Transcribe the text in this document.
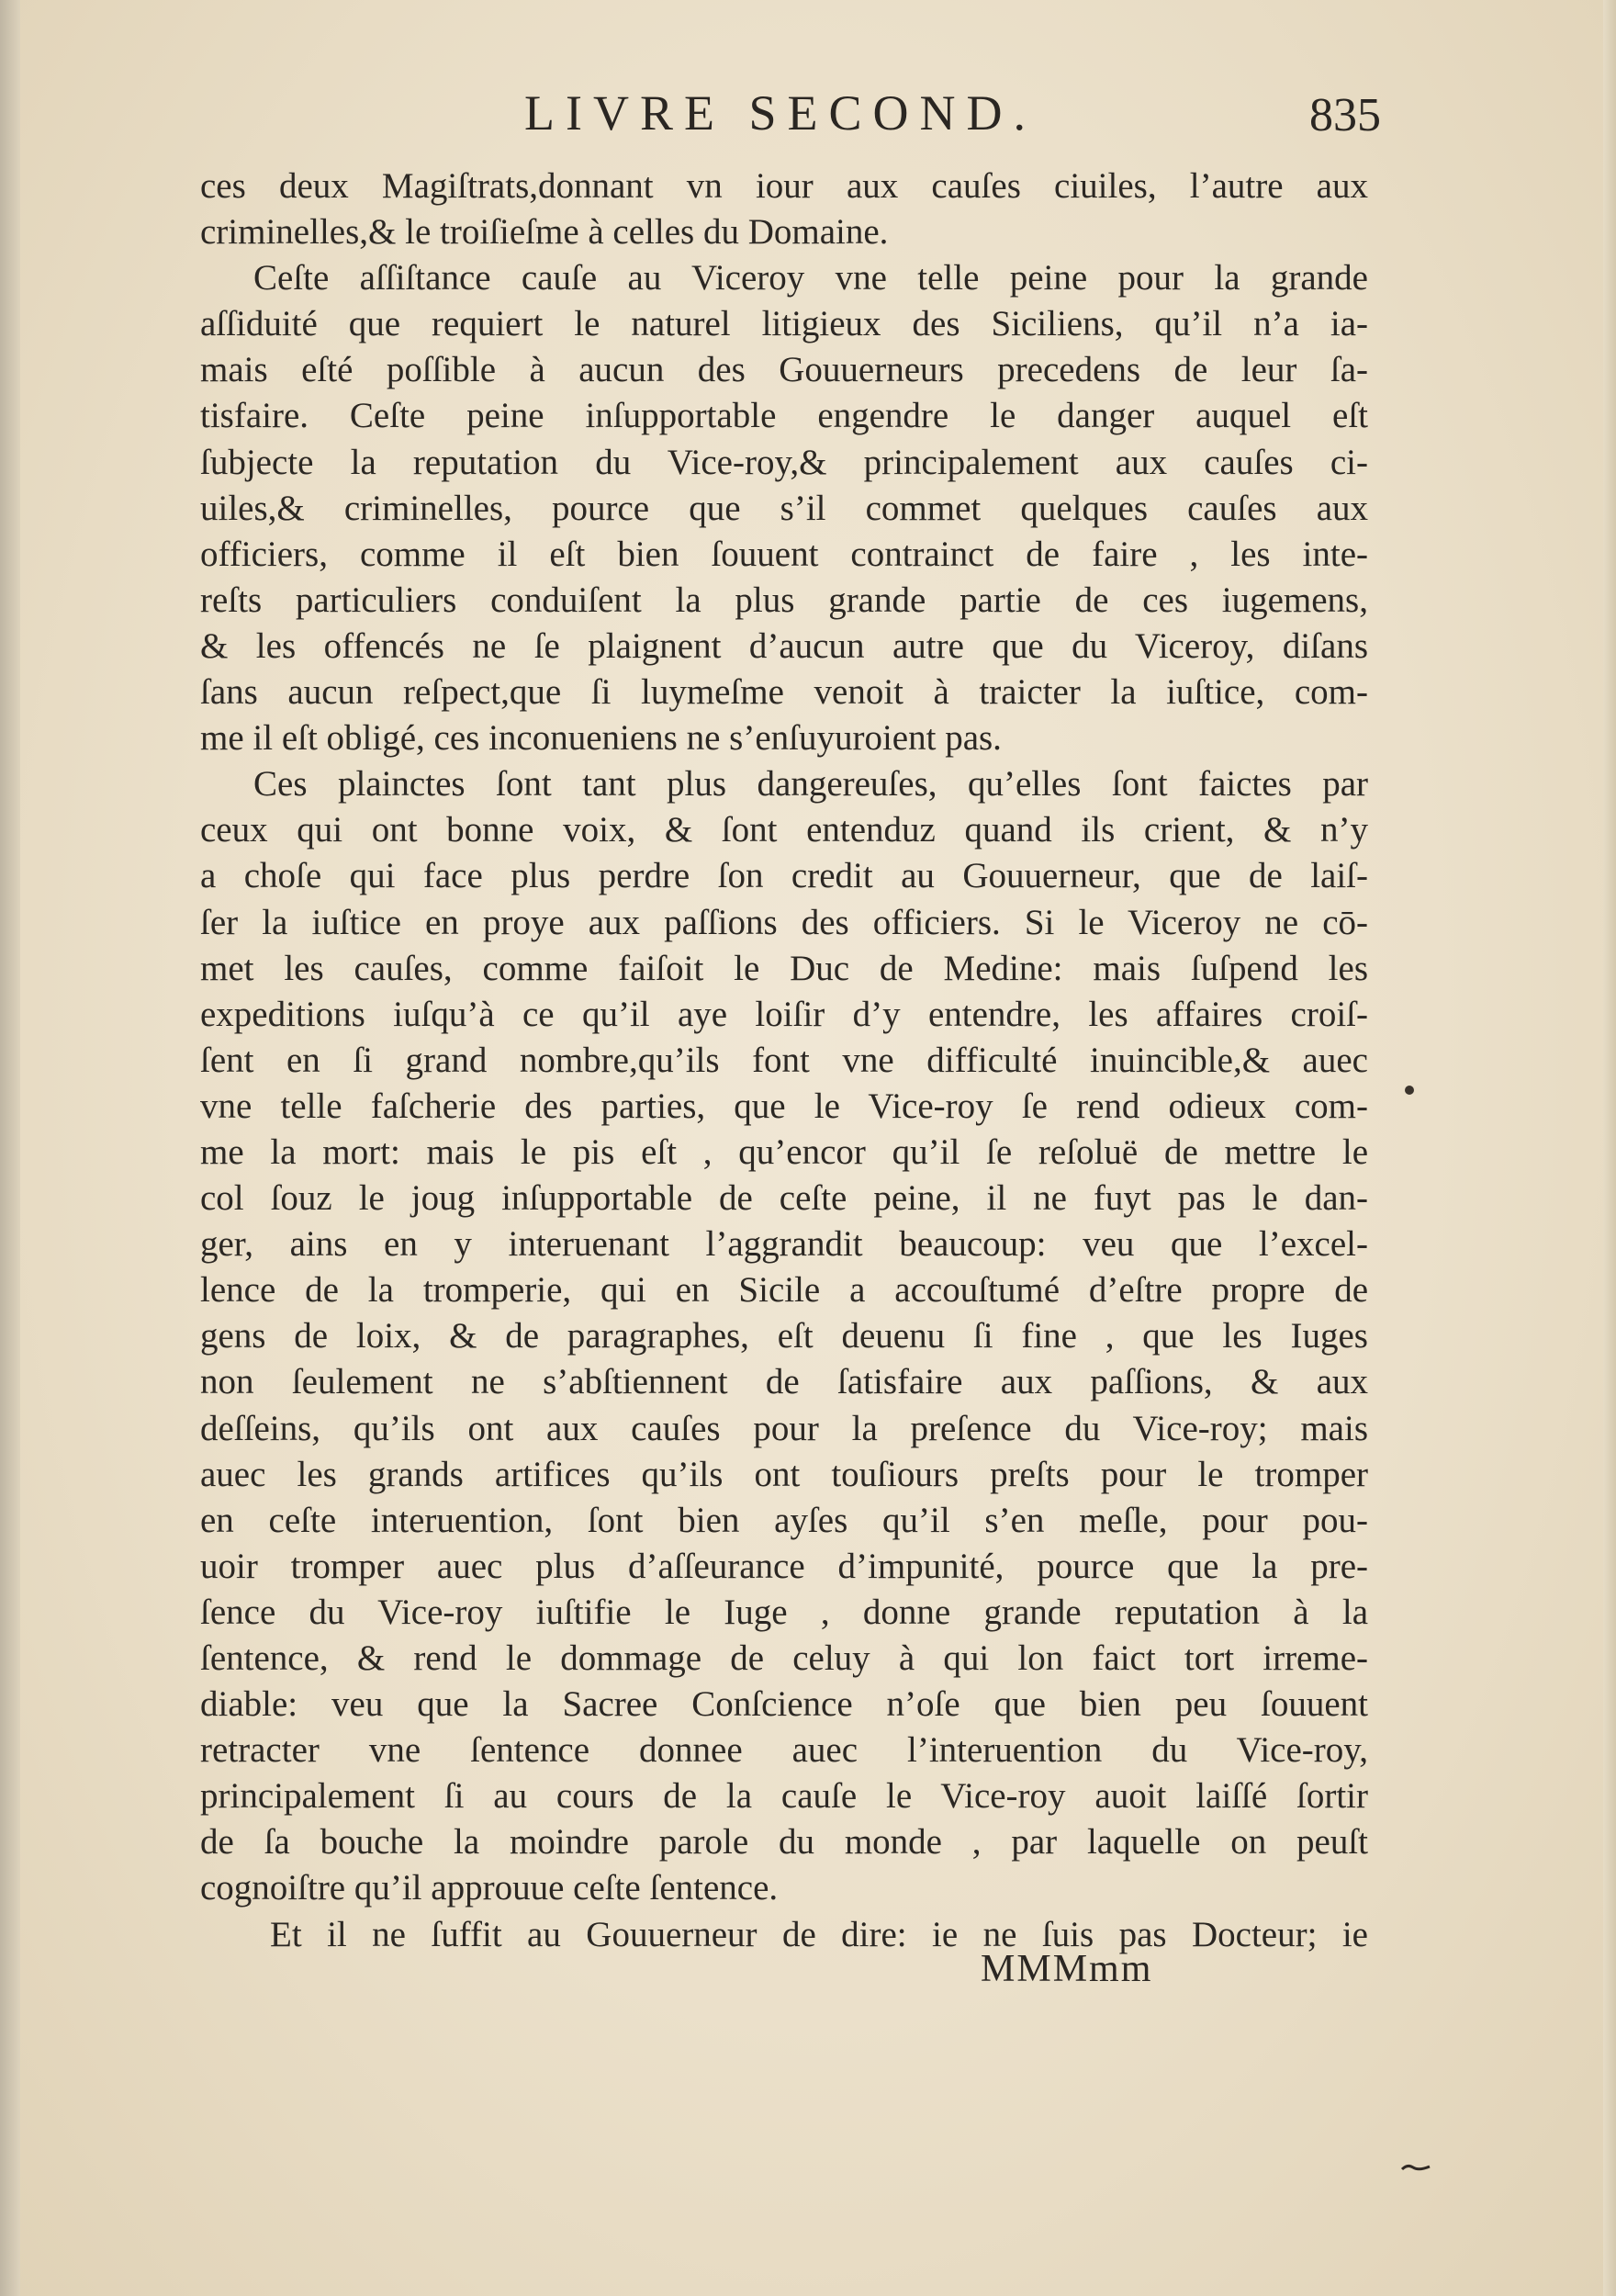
LIVRE SECOND.	835
ces deux Magiſtrats,donnant vn iour aux cauſes ciuiles, l’autre aux
criminelles,& le troiſieſme à celles du Domaine.
Ceſte aſſiſtance cauſe au Viceroy vne telle peine pour la grande
aſſiduité que requiert le naturel litigieux des Siciliens, qu’il n’a ia-
mais eſté poſſible à aucun des Gouuerneurs precedens de leur ſa-
tisfaire. Ceſte peine inſupportable engendre le danger auquel eſt
ſubjecte la reputation du Vice-roy,& principalement aux cauſes ci-
uiles,& criminelles, pource que s’il commet quelques cauſes aux
officiers, comme il eſt bien ſouuent contrainct de faire , les inte-
reſts particuliers conduiſent la plus grande partie de ces iugemens,
& les offencés ne ſe plaignent d’aucun autre que du Viceroy, diſans
ſans aucun reſpect,que ſi luymeſme venoit à traicter la iuſtice, com-
me il eſt obligé, ces inconueniens ne s’enſuyuroient pas.
Ces plainctes ſont tant plus dangereuſes, qu’elles ſont faictes par
ceux qui ont bonne voix, & ſont entenduz quand ils crient, & n’y
a choſe qui face plus perdre ſon credit au Gouuerneur, que de laiſ-
ſer la iuſtice en proye aux paſſions des officiers. Si le Viceroy ne cō-
met les cauſes, comme faiſoit le Duc de Medine: mais ſuſpend les
expeditions iuſqu’à ce qu’il aye loiſir d’y entendre, les affaires croiſ-
ſent en ſi grand nombre,qu’ils font vne difficulté inuincible,& auec
vne telle faſcherie des parties, que le Vice-roy ſe rend odieux com-
me la mort: mais le pis eſt , qu’encor qu’il ſe reſoluë de mettre le
col ſouz le joug inſupportable de ceſte peine, il ne fuyt pas le dan-
ger, ains en y interuenant l’aggrandit beaucoup: veu que l’excel-
lence de la tromperie, qui en Sicile a accouſtumé d’eſtre propre de
gens de loix, & de paragraphes, eſt deuenu ſi fine , que les Iuges
non ſeulement ne s’abſtiennent de ſatisfaire aux paſſions, & aux
deſſeins, qu’ils ont aux cauſes pour la preſence du Vice-roy; mais
auec les grands artifices qu’ils ont touſiours preſts pour le tromper
en ceſte interuention, ſont bien ayſes qu’il s’en meſle, pour pou-
uoir tromper auec plus d’aſſeurance d’impunité, pource que la pre-
ſence du Vice-roy iuſtifie le Iuge , donne grande reputation à la
ſentence, & rend le dommage de celuy à qui lon faict tort irreme-
diable: veu que la Sacree Conſcience n’oſe que bien peu ſouuent
retracter vne ſentence donnee auec l’interuention du Vice-roy,
principalement ſi au cours de la cauſe le Vice-roy auoit laiſſé ſortir
de ſa bouche la moindre parole du monde , par laquelle on peuſt
cognoiſtre qu’il approuue ceſte ſentence.
Et il ne ſuffit au Gouuerneur de dire: ie ne ſuis pas Docteur; ie
MMMmm
